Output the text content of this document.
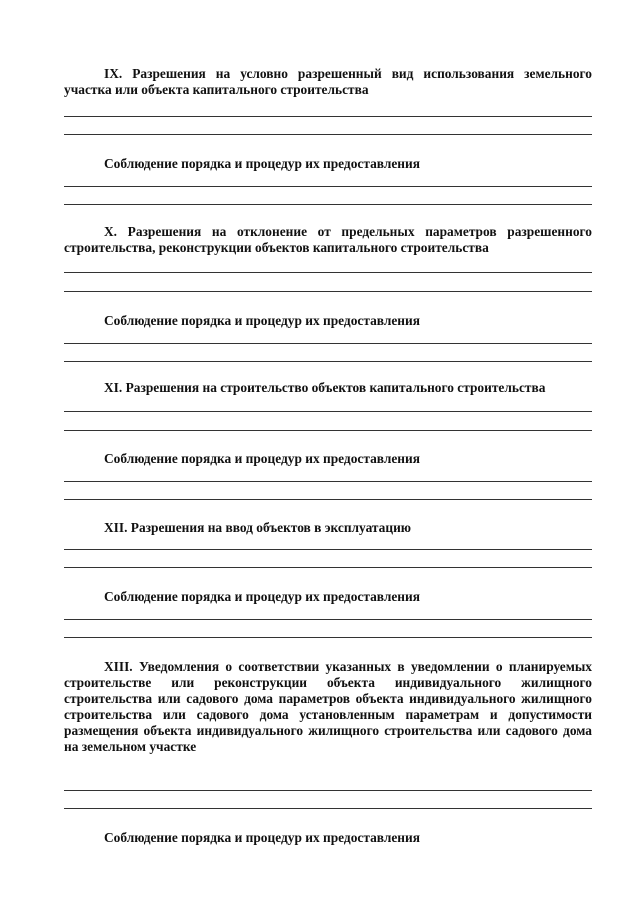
IX. Разрешения на условно разрешенный вид использования земельного участка или объекта капитального строительства
Соблюдение порядка и процедур их предоставления
X. Разрешения на отклонение от предельных параметров разрешенного строительства, реконструкции объектов капитального строительства
Соблюдение порядка и процедур их предоставления
XI. Разрешения на строительство объектов капитального строительства
Соблюдение порядка и процедур их предоставления
XII. Разрешения на ввод объектов в эксплуатацию
Соблюдение порядка и процедур их предоставления
XIII. Уведомления о соответствии указанных в уведомлении о планируемых строительстве или реконструкции объекта индивидуального жилищного строительства или садового дома параметров объекта индивидуального жилищного строительства или садового дома установленным параметрам и допустимости размещения объекта индивидуального жилищного строительства или садового дома на земельном участке
Соблюдение порядка и процедур их предоставления
